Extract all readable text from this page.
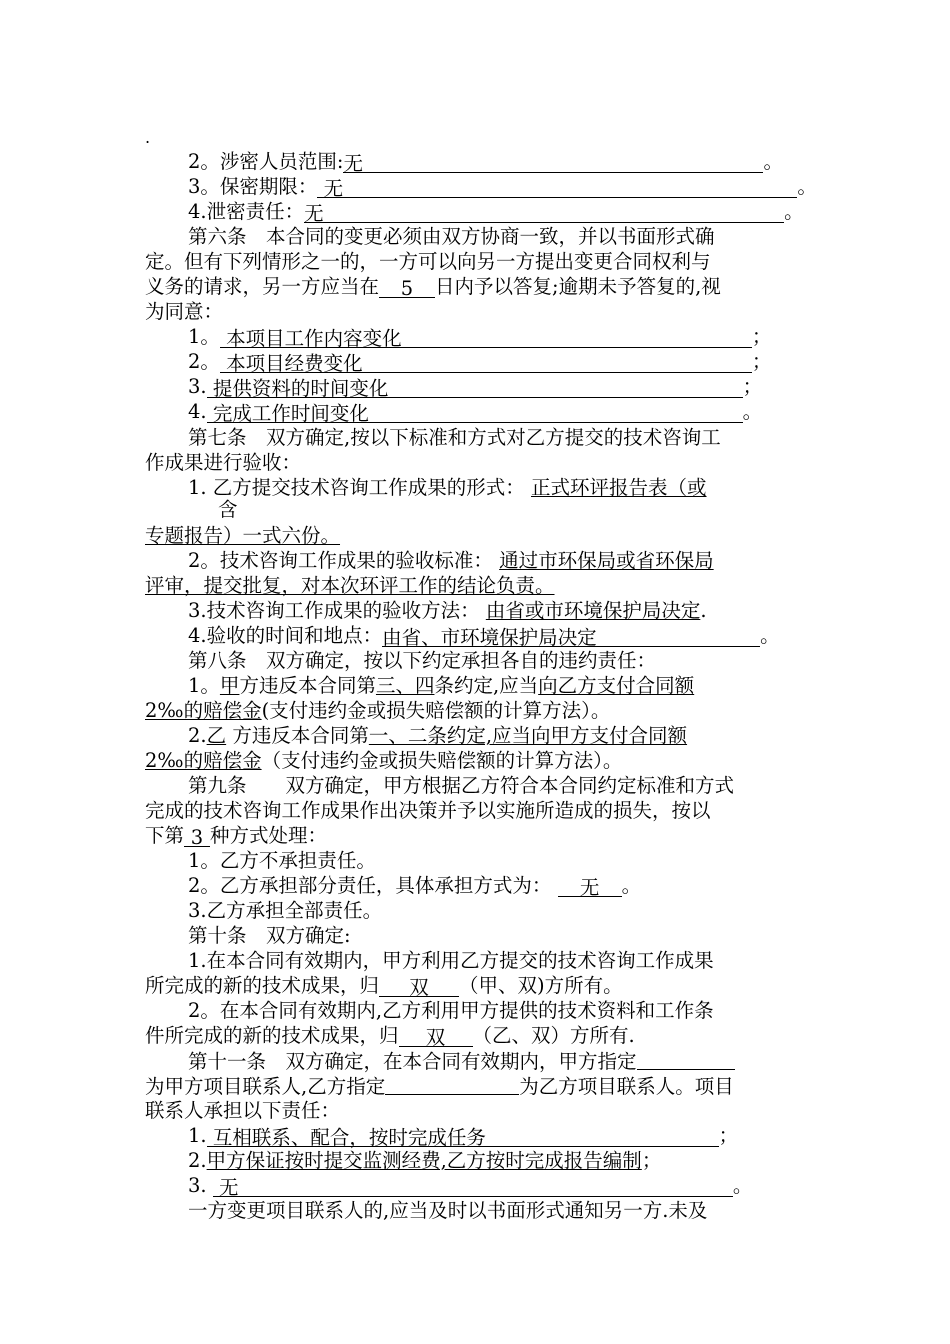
.
2。涉密人员范围:无	。
3。保密期限： 无	。
4.泄密责任：无	。
第六条　本合同的变更必须由双方协商一致，并以书面形式确
定。但有下列情形之一的，一方可以向另一方提出变更合同权利与
义务的请求，另一方应当在 5 日内予以答复;逾期未予答复的,视
为同意：
1。 本项目工作内容变化	；
2。 本项目经费变化	；
3. 提供资料的时间变化	；
4. 完成工作时间变化	。
第七条　双方确定,按以下标准和方式对乙方提交的技术咨询工
作成果进行验收：
1. 乙方提交技术咨询工作成果的形式： 正式环评报告表（或
含
专题报告）一式六份。
2。技术咨询工作成果的验收标准： 通过市环保局或省环保局
评审，提交批复，对本次环评工作的结论负责。
3.技术咨询工作成果的验收方法： 由省或市环境保护局决定.
4.验收的时间和地点：由省、市环境保护局决定	。
第八条　双方确定，按以下约定承担各自的违约责任：
1。甲方违反本合同第三、四条约定,应当向乙方支付合同额
2‰的赔偿金(支付违约金或损失赔偿额的计算方法）。
2.乙 方违反本合同第一、二条约定,应当向甲方支付合同额
2‰的赔偿金（支付违约金或损失赔偿额的计算方法）。
第九条　　双方确定，甲方根据乙方符合本合同约定标准和方式
完成的技术咨询工作成果作出决策并予以实施所造成的损失，按以
下第 3 种方式处理：
1。乙方不承担责任。
2。乙方承担部分责任，具体承担方式为： 无 。
3.乙方承担全部责任。
第十条　双方确定:
1.在本合同有效期内，甲方利用乙方提交的技术咨询工作成果
所完成的新的技术成果，归 双 （甲、双)方所有。
2。在本合同有效期内,乙方利用甲方提供的技术资料和工作条
件所完成的新的技术成果，归 双 （乙、双）方所有.
第十一条　双方确定，在本合同有效期内，甲方指定
为甲方项目联系人,乙方指定	为乙方项目联系人。项目
联系人承担以下责任：
1. 互相联系、配合，按时完成任务	；
2.甲方保证按时提交监测经费,乙方按时完成报告编制；
3. 无	。
一方变更项目联系人的,应当及时以书面形式通知另一方.未及
